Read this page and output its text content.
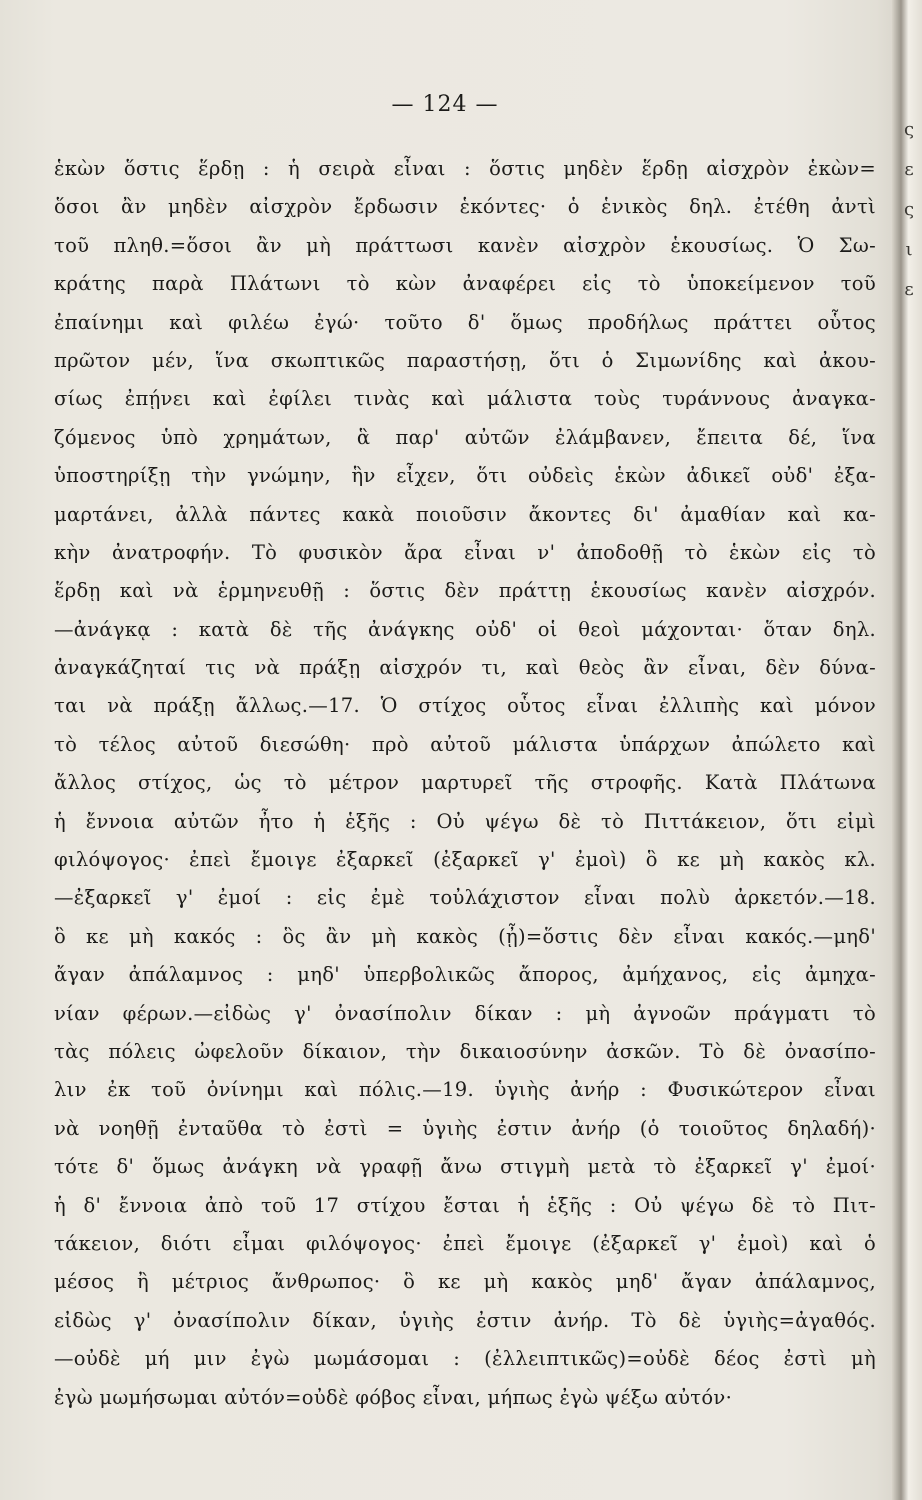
ς
ε
ς
ι
ε
— 124 —
ἑκὼν ὅστις ἕρδῃ : ἡ σειρὰ εἶναι : ὅστις μηδὲν ἕρδῃ αἰσχρὸν ἑκὼν=
ὅσοι ἂν μηδὲν αἰσχρὸν ἔρδωσιν ἑκόντες· ὁ ἑνικὸς δηλ. ἐτέθη ἀντὶ
τοῦ πληθ.=ὅσοι ἂν μὴ πράττωσι κανὲν αἰσχρὸν ἑκουσίως. Ὁ Σω-
κράτης παρὰ Πλάτωνι τὸ κὼν ἀναφέρει εἰς τὸ ὑποκείμενον τοῦ
ἐπαίνημι καὶ φιλέω ἐγώ· τοῦτο δ' ὅμως προδήλως πράττει οὗτος
πρῶτον μέν, ἵνα σκωπτικῶς παραστήσῃ, ὅτι ὁ Σιμωνίδης καὶ ἀκου-
σίως ἐπῄνει καὶ ἐφίλει τινὰς καὶ μάλιστα τοὺς τυράννους ἀναγκα-
ζόμενος ὑπὸ χρημάτων, ἃ παρ' αὐτῶν ἐλάμβανεν, ἔπειτα δέ, ἵνα
ὑποστηρίξῃ τὴν γνώμην, ἣν εἶχεν, ὅτι οὐδεὶς ἑκὼν ἀδικεῖ οὐδ' ἐξα-
μαρτάνει, ἀλλὰ πάντες κακὰ ποιοῦσιν ἄκοντες δι' ἀμαθίαν καὶ κα-
κὴν ἀνατροφήν. Τὸ φυσικὸν ἄρα εἶναι ν' ἀποδοθῇ τὸ ἑκὼν εἰς τὸ
ἕρδῃ καὶ νὰ ἑρμηνευθῇ : ὅστις δὲν πράττῃ ἑκουσίως κανὲν αἰσχρόν.
—ἀνάγκᾳ : κατὰ δὲ τῆς ἀνάγκης οὐδ' οἱ θεοὶ μάχονται· ὅταν δηλ.
ἀναγκάζηταί τις νὰ πράξῃ αἰσχρόν τι, καὶ θεὸς ἂν εἶναι, δὲν δύνα-
ται νὰ πράξῃ ἄλλως.—17. Ὁ στίχος οὗτος εἶναι ἐλλιπὴς καὶ μόνον
τὸ τέλος αὐτοῦ διεσώθη· πρὸ αὐτοῦ μάλιστα ὑπάρχων ἀπώλετο καὶ
ἄλλος στίχος, ὡς τὸ μέτρον μαρτυρεῖ τῆς στροφῆς. Κατὰ Πλάτωνα
ἡ ἔννοια αὐτῶν ἦτο ἡ ἑξῆς : Οὐ ψέγω δὲ τὸ Πιττάκειον, ὅτι εἰμὶ
φιλόψογος· ἐπεὶ ἔμοιγε ἐξαρκεῖ (ἐξαρκεῖ γ' ἐμοὶ) ὃ κε μὴ κακὸς κλ.
—ἐξαρκεῖ γ' ἐμοί : εἰς ἐμὲ τοὐλάχιστον εἶναι πολὺ ἀρκετόν.—18.
ὃ κε μὴ κακός : ὃς ἂν μὴ κακὸς (ᾖ)=ὅστις δὲν εἶναι κακός.—μηδ'
ἄγαν ἀπάλαμνος : μηδ' ὑπερβολικῶς ἄπορος, ἀμήχανος, εἰς ἀμηχα-
νίαν φέρων.—εἰδὼς γ' ὀνασίπολιν δίκαν : μὴ ἀγνοῶν πράγματι τὸ
τὰς πόλεις ὠφελοῦν δίκαιον, τὴν δικαιοσύνην ἀσκῶν. Τὸ δὲ ὀνασίπο-
λιν ἐκ τοῦ ὀνίνημι καὶ πόλις.—19. ὑγιὴς ἀνήρ : Φυσικώτερον εἶναι
νὰ νοηθῇ ἐνταῦθα τὸ ἐστὶ = ὑγιὴς ἐστιν ἀνήρ (ὁ τοιοῦτος δηλαδή)·
τότε δ' ὅμως ἀνάγκη νὰ γραφῇ ἄνω στιγμὴ μετὰ τὸ ἐξαρκεῖ γ' ἐμοί·
ἡ δ' ἔννοια ἀπὸ τοῦ 17 στίχου ἔσται ἡ ἑξῆς : Οὐ ψέγω δὲ τὸ Πιτ-
τάκειον, διότι εἶμαι φιλόψογος· ἐπεὶ ἔμοιγε (ἐξαρκεῖ γ' ἐμοὶ) καὶ ὁ
μέσος ἢ μέτριος ἄνθρωπος· ὃ κε μὴ κακὸς μηδ' ἄγαν ἀπάλαμνος,
εἰδὼς γ' ὀνασίπολιν δίκαν, ὑγιὴς ἐστιν ἀνήρ. Τὸ δὲ ὑγιὴς=ἀγαθός.
—οὐδὲ μή μιν ἐγὼ μωμάσομαι : (ἐλλειπτικῶς)=οὐδὲ δέος ἐστὶ μὴ
ἐγὼ μωμήσωμαι αὐτόν=οὐδὲ φόβος εἶναι, μήπως ἐγὼ ψέξω αὐτόν·
